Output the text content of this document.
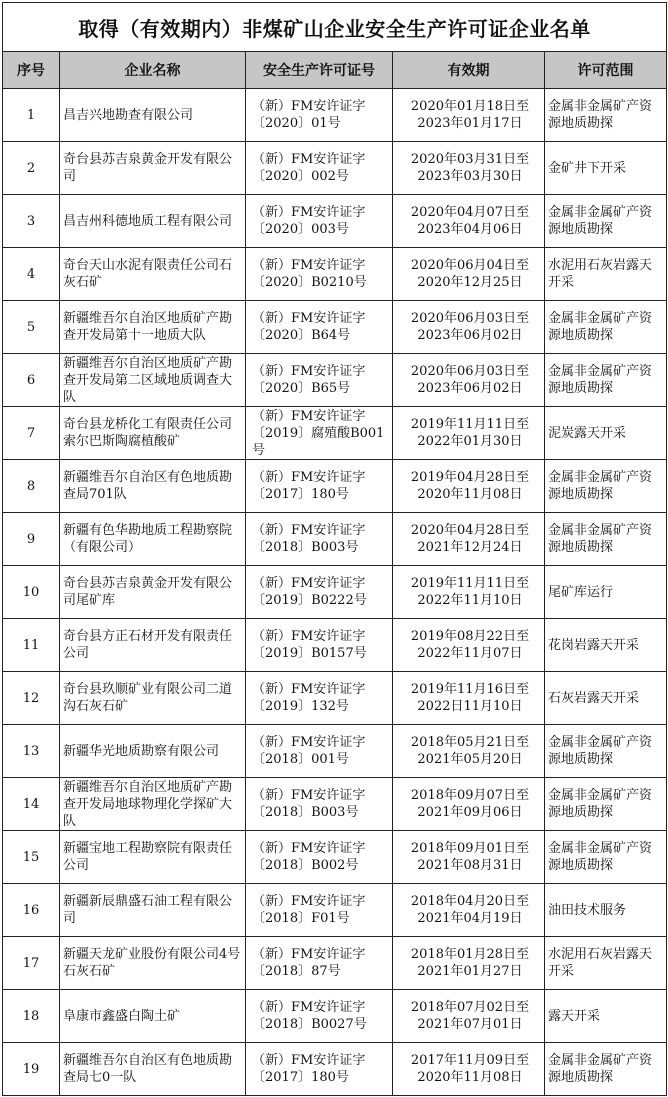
取得（有效期内）非煤矿山企业安全生产许可证企业名单				
序号	企业名称	安全生产许可证号	有效期	许可范围
1	昌吉兴地勘查有限公司	（新）FM安许证字〔2020〕01号	2020年01月18日至
2023年01月17日	金属非金属矿产资源地质勘探
2	奇台县苏吉泉黄金开发有限公司	（新）FM安许证字〔2020〕002号	2020年03月31日至
2023年03月30日	金矿井下开采
3	昌吉州科德地质工程有限公司	（新）FM安许证字〔2020〕003号	2020年04月07日至
2023年04月06日	金属非金属矿产资源地质勘探
4	奇台天山水泥有限责任公司石灰石矿	（新）FM安许证字〔2020〕B0210号	2020年06月04日至
2020年12月25日	水泥用石灰岩露天开采
5	新疆维吾尔自治区地质矿产勘查开发局第十一地质大队	（新）FM安许证字〔2020〕B64号	2020年06月03日至
2023年06月02日	金属非金属矿产资源地质勘探
6	新疆维吾尔自治区地质矿产勘查开发局第二区域地质调查大队	（新）FM安许证字〔2020〕B65号	2020年06月03日至
2023年06月02日	金属非金属矿产资源地质勘探
7	奇台县龙桥化工有限责任公司索尔巴斯陶腐植酸矿	（新）FM安许证字〔2019〕腐殖酸B001号	2019年11月11日至
2022年01月30日	泥炭露天开采
8	新疆维吾尔自治区有色地质勘查局701队	（新）FM安许证字〔2017〕180号	2019年04月28日至
2020年11月08日	金属非金属矿产资源地质勘探
9	新疆有色华勘地质工程勘察院（有限公司）	（新）FM安许证字〔2018〕B003号	2020年04月28日至
2021年12月24日	金属非金属矿产资源地质勘探
10	奇台县苏吉泉黄金开发有限公司尾矿库	（新）FM安许证字〔2019〕B0222号	2019年11月11日至
2022年11月10日	尾矿库运行
11	奇台县方正石材开发有限责任公司	（新）FM安许证字〔2019〕B0157号	2019年08月22日至
2022年11月07日	花岗岩露天开采
12	奇台县玖顺矿业有限公司二道沟石灰石矿	（新）FM安许证字〔2019〕132号	2019年11月16日至
2022日11月10日	石灰岩露天开采
13	新疆华光地质勘察有限公司	（新）FM安许证字〔2018〕001号	2018年05月21日至
2021年05月20日	金属非金属矿产资源地质勘探
14	新疆维吾尔自治区地质矿产勘查开发局地球物理化学探矿大队	（新）FM安许证字〔2018〕B003号	2018年09月07日至
2021年09月06日	金属非金属矿产资源地质勘探
15	新疆宝地工程勘察院有限责任公司	（新）FM安许证字〔2018〕B002号	2018年09月01日至
2021年08月31日	金属非金属矿产资源地质勘探
16	新疆新辰鼎盛石油工程有限公司	（新）FM安许证字〔2018〕F01号	2018年04月20日至
2021年04月19日	油田技术服务
17	新疆天龙矿业股份有限公司4号石灰石矿	（新）FM安许证字〔2018〕87号	2018年01月28日至
2021年01月27日	水泥用石灰岩露天开采
18	阜康市鑫盛白陶土矿	（新）FM安许证字〔2018〕B0027号	2018年07月02日至
2021年07月01日	露天开采
19	新疆维吾尔自治区有色地质勘查局七0一队	（新）FM安许证字〔2017〕180号	2017年11月09日至
2020年11月08日	金属非金属矿产资源地质勘探
